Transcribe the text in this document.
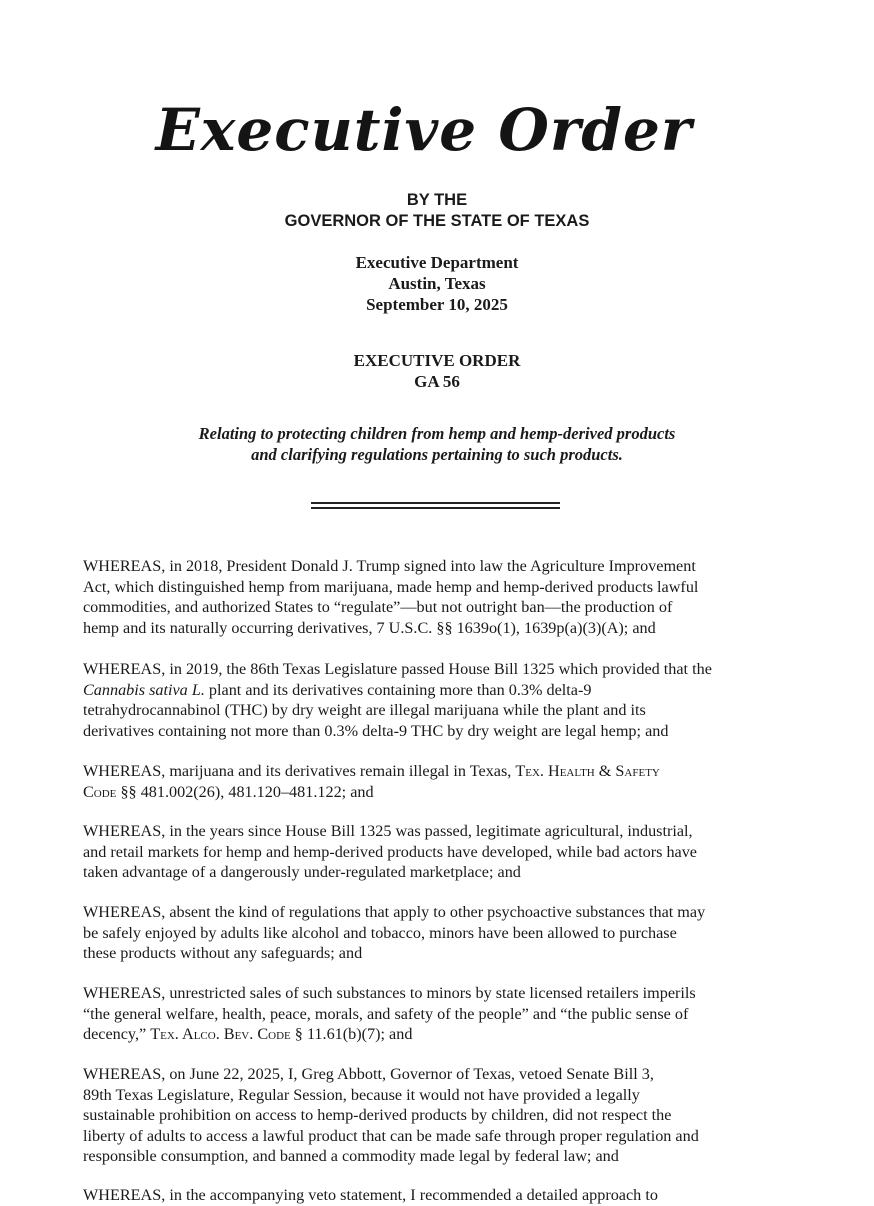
Executive Order
BY THE
GOVERNOR OF THE STATE OF TEXAS
Executive Department
Austin, Texas
September 10, 2025
EXECUTIVE ORDER
GA 56
Relating to protecting children from hemp and hemp-derived products
and clarifying regulations pertaining to such products.
WHEREAS, in 2018, President Donald J. Trump signed into law the Agriculture Improvement
Act, which distinguished hemp from marijuana, made hemp and hemp-derived products lawful
commodities, and authorized States to “regulate”—but not outright ban—the production of
hemp and its naturally occurring derivatives, 7 U.S.C. §§ 1639o(1), 1639p(a)(3)(A); and
WHEREAS, in 2019, the 86th Texas Legislature passed House Bill 1325 which provided that the
Cannabis sativa L. plant and its derivatives containing more than 0.3% delta-9
tetrahydrocannabinol (THC) by dry weight are illegal marijuana while the plant and its
derivatives containing not more than 0.3% delta-9 THC by dry weight are legal hemp; and
WHEREAS, marijuana and its derivatives remain illegal in Texas, Tex. Health & Safety
Code §§ 481.002(26), 481.120–481.122; and
WHEREAS, in the years since House Bill 1325 was passed, legitimate agricultural, industrial,
and retail markets for hemp and hemp-derived products have developed, while bad actors have
taken advantage of a dangerously under-regulated marketplace; and
WHEREAS, absent the kind of regulations that apply to other psychoactive substances that may
be safely enjoyed by adults like alcohol and tobacco, minors have been allowed to purchase
these products without any safeguards; and
WHEREAS, unrestricted sales of such substances to minors by state licensed retailers imperils
“the general welfare, health, peace, morals, and safety of the people” and “the public sense of
decency,” Tex. Alco. Bev. Code § 11.61(b)(7); and
WHEREAS, on June 22, 2025, I, Greg Abbott, Governor of Texas, vetoed Senate Bill 3,
89th Texas Legislature, Regular Session, because it would not have provided a legally
sustainable prohibition on access to hemp-derived products by children, did not respect the
liberty of adults to access a lawful product that can be made safe through proper regulation and
responsible consumption, and banned a commodity made legal by federal law; and
WHEREAS, in the accompanying veto statement, I recommended a detailed approach to
